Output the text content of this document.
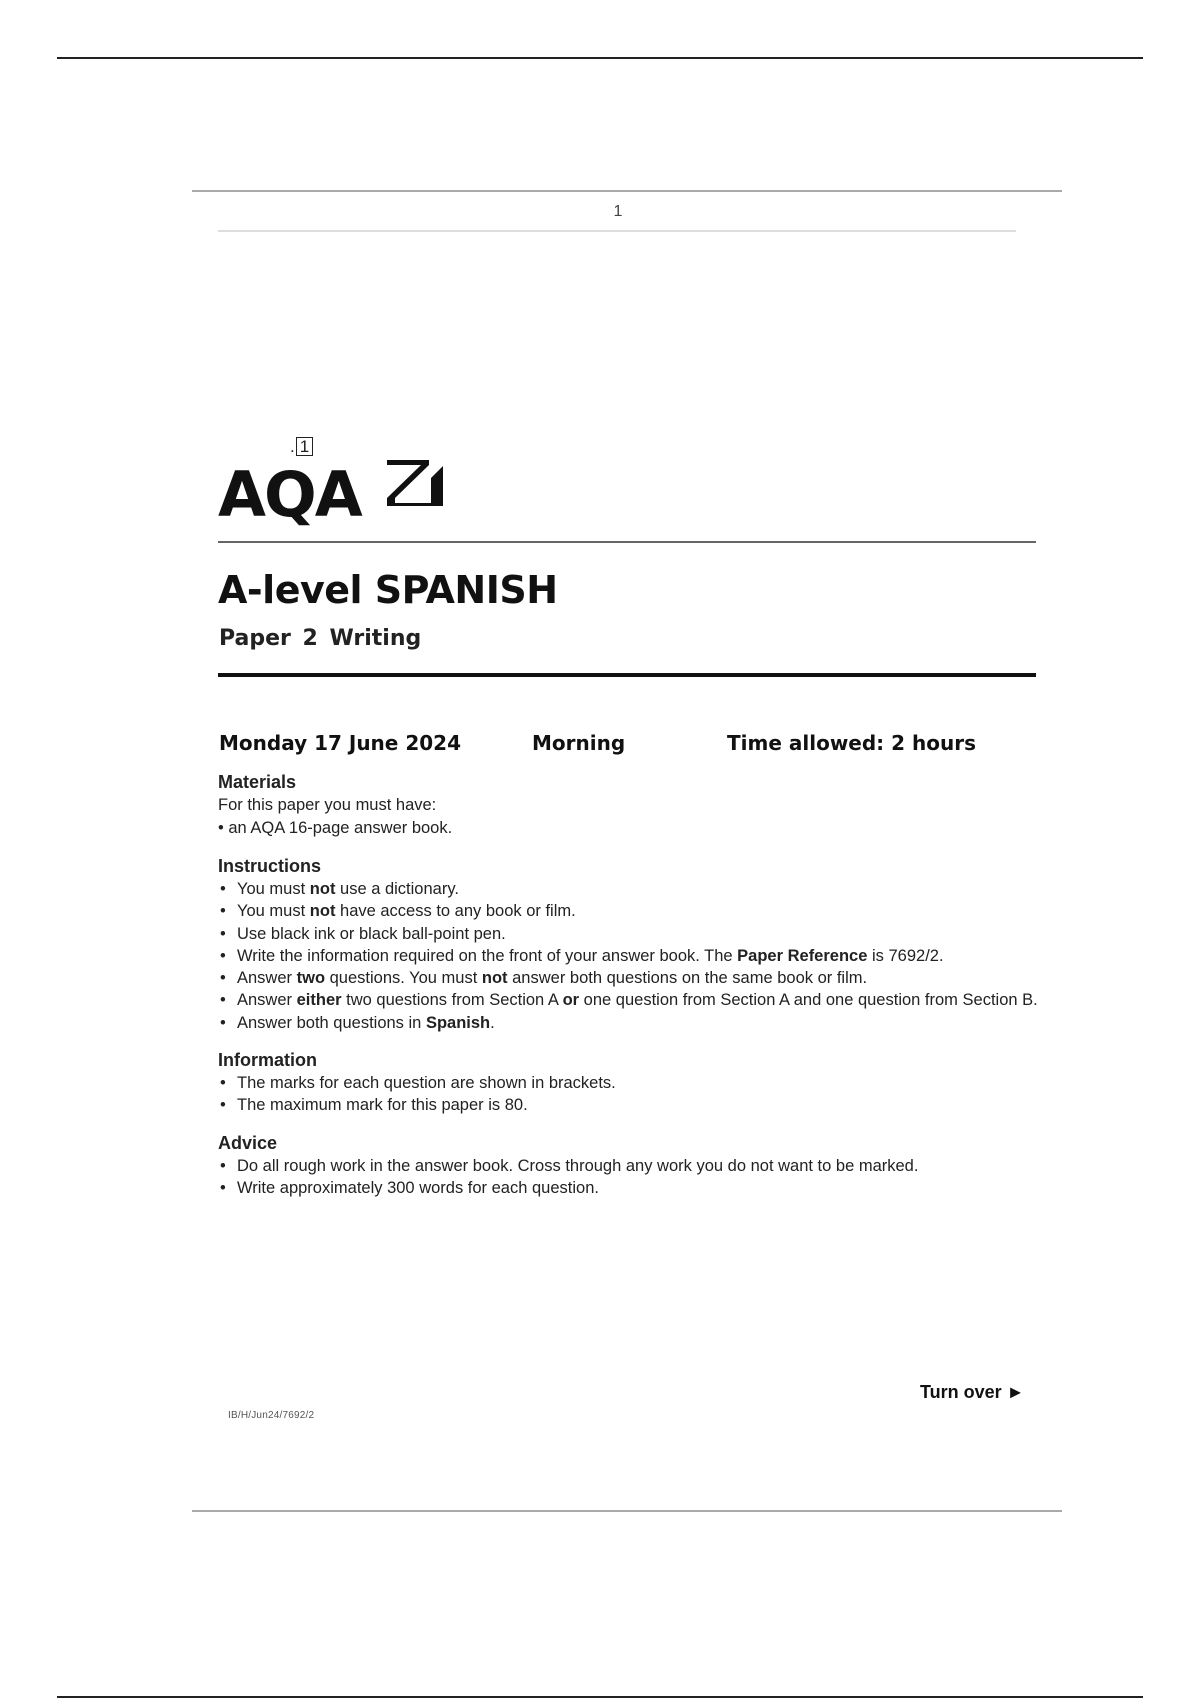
1
. 1
AQA
A-level SPANISH
Paper 2 Writing
Monday 17 June 2024	Morning	Time allowed: 2 hours

Materials

For this paper you must have:

• an AQA 16-page answer book.

Instructions

• You must not use a dictionary.
• You must not have access to any book or film.
• Use black ink or black ball-point pen.
• Write the information required on the front of your answer book. The Paper Reference is 7692/2.
• Answer two questions. You must not answer both questions on the same book or film.
• Answer either two questions from Section A or one question from Section A and one question from Section B.
• Answer both questions in Spanish.

Information

• The marks for each question are shown in brackets.
• The maximum mark for this paper is 80.

Advice

• Do all rough work in the answer book. Cross through any work you do not want to be marked.
• Write approximately 300 words for each question.
Turn over ►
IB/H/Jun24/7692/2
